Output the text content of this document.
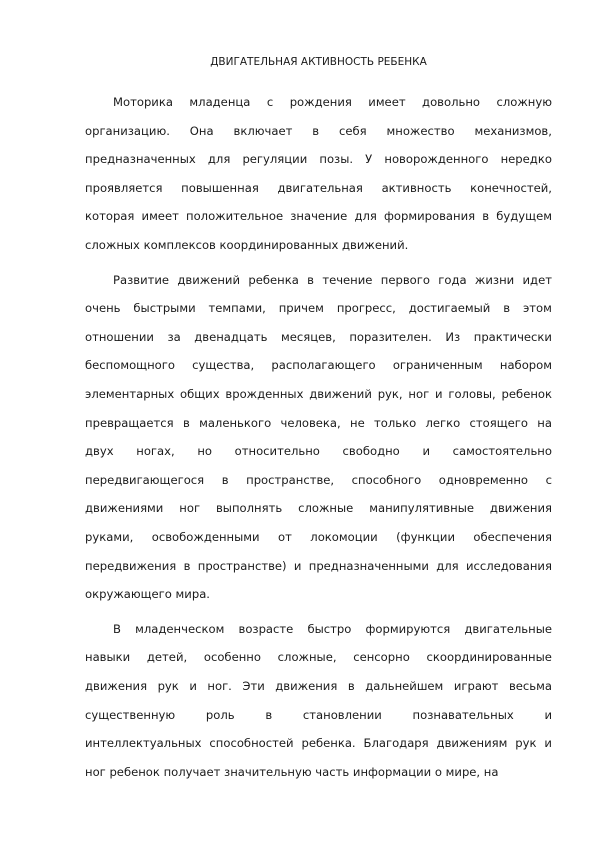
ДВИГАТЕЛЬНАЯ АКТИВНОСТЬ РЕБЕНКА
Моторика младенца с рождения имеет довольно сложную
организацию. Она включает в себя множество механизмов,
предназначенных для регуляции позы. У новорожденного нередко
проявляется повышенная двигательная активность конечностей,
которая имеет положительное значение для формирования в будущем
сложных комплексов координированных движений.
Развитие движений ребенка в течение первого года жизни идет
очень быстрыми темпами, причем прогресс, достигаемый в этом
отношении за двенадцать месяцев, поразителен. Из практически
беспомощного существа, располагающего ограниченным набором
элементарных общих врожденных движений рук, ног и головы, ребенок
превращается в маленького человека, не только легко стоящего на
двух ногах, но относительно свободно и самостоятельно
передвигающегося в пространстве, способного одновременно с
движениями ног выполнять сложные манипулятивные движения
руками, освобожденными от локомоции (функции обеспечения
передвижения в пространстве) и предназначенными для исследования
окружающего мира.
В младенческом возрасте быстро формируются двигательные
навыки детей, особенно сложные, сенсорно скоординированные
движения рук и ног. Эти движения в дальнейшем играют весьма
существенную	роль	в	становлении	познавательных	и
интеллектуальных способностей ребенка. Благодаря движениям рук и
ног ребенок получает значительную часть информации о мире, на
